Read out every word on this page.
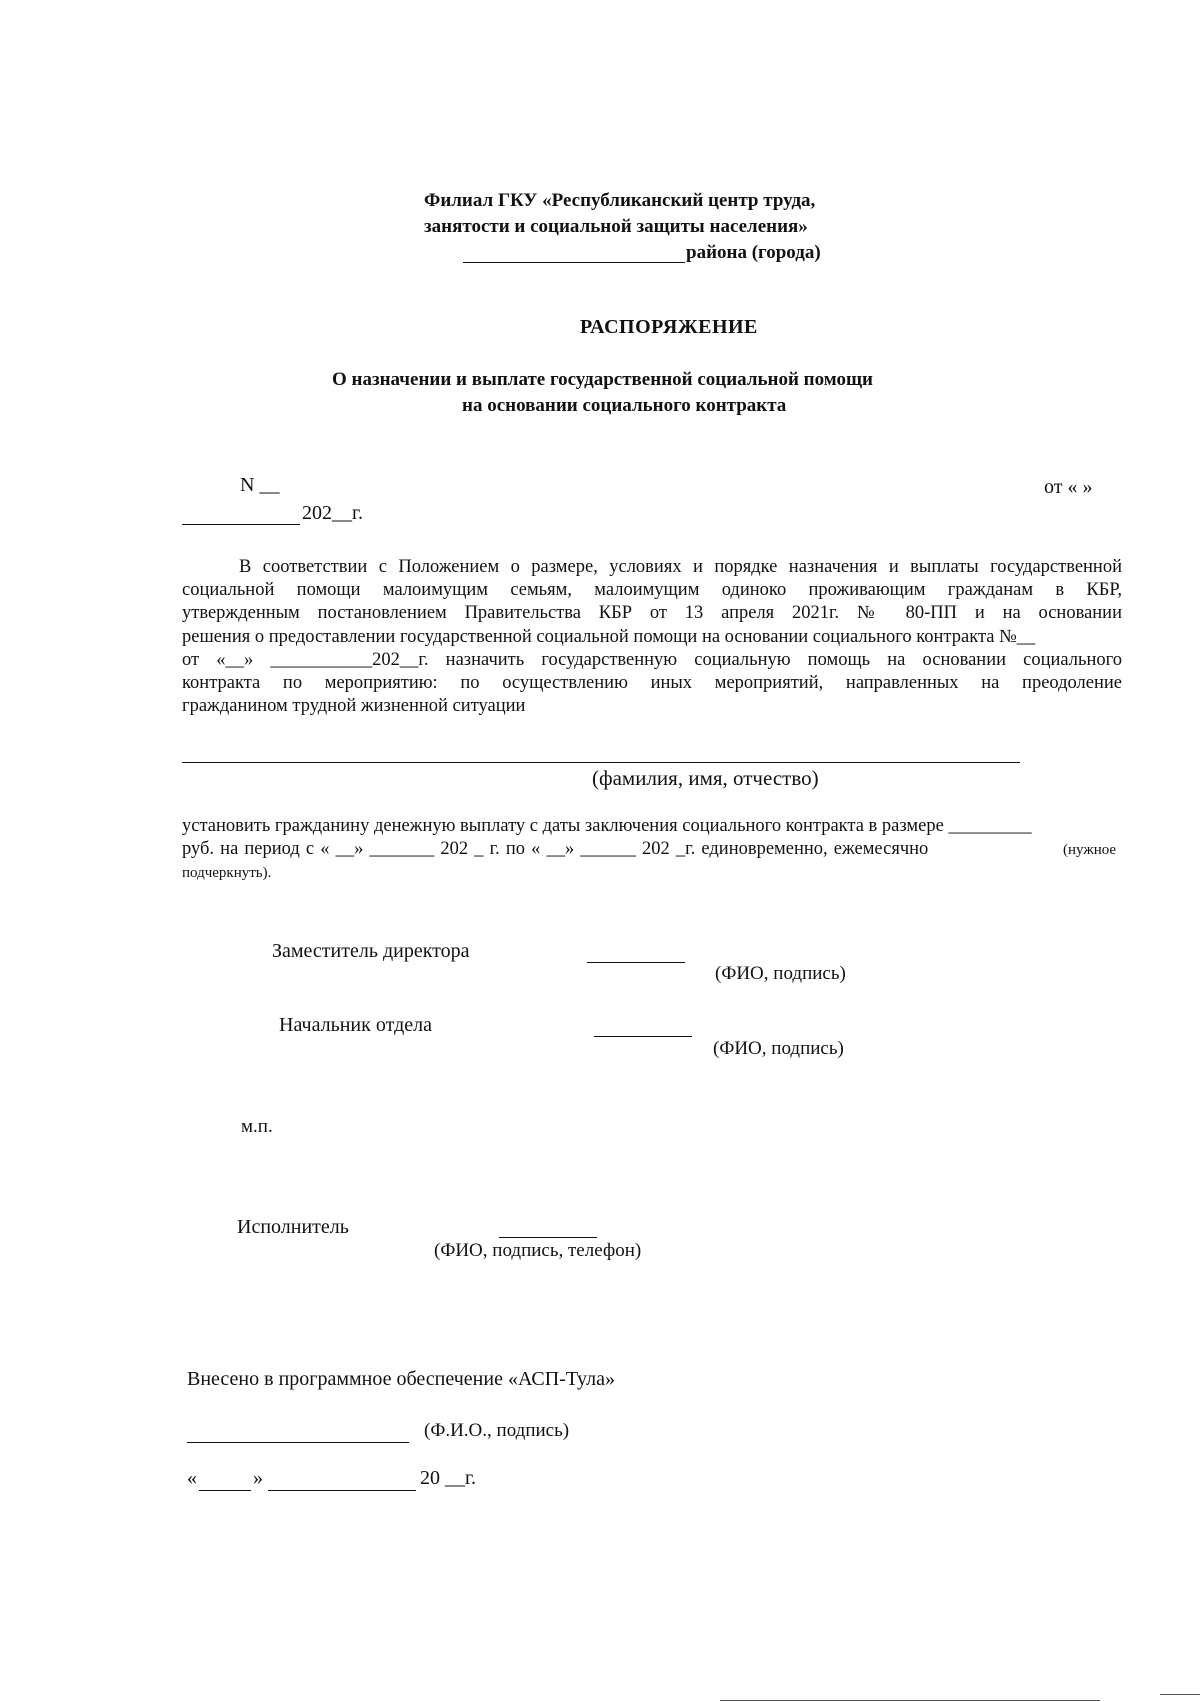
Филиал ГКУ «Республиканский центр труда,
занятости и социальной защиты населения»
района (города)
РАСПОРЯЖЕНИЕ
О назначении и выплате государственной социальной помощи
на основании социального контракта
N __	от « »
202__г.
В соответствии с Положением о размере, условиях и порядке назначения и выплаты государственной
социальной помощи малоимущим семьям, малоимущим одиноко проживающим гражданам в КБР,
утвержденным постановлением Правительства КБР от 13 апреля 2021г. № 80-ПП и на основании
решения о предоставлении государственной социальной помощи на основании социального контракта №__
от «__» ___________202__г. назначить государственную социальную помощь на основании социального
контракта по мероприятию: по осуществлению иных мероприятий, направленных на преодоление
гражданином трудной жизненной ситуации
(фамилия, имя, отчество)
установить гражданину денежную выплату с даты заключения социального контракта в размере _________
руб. на период с « __» _______ 202 _ г. по « __» ______ 202 _г. единовременно, ежемесячно	(нужное
подчеркнуть).
Заместитель директора
(ФИО, подпись)
Начальник отдела
(ФИО, подпись)
м.п.
Исполнитель
(ФИО, подпись, телефон)
Внесено в программное обеспечение «АСП-Тула»
(Ф.И.О., подпись)
«	»	20 __г.
